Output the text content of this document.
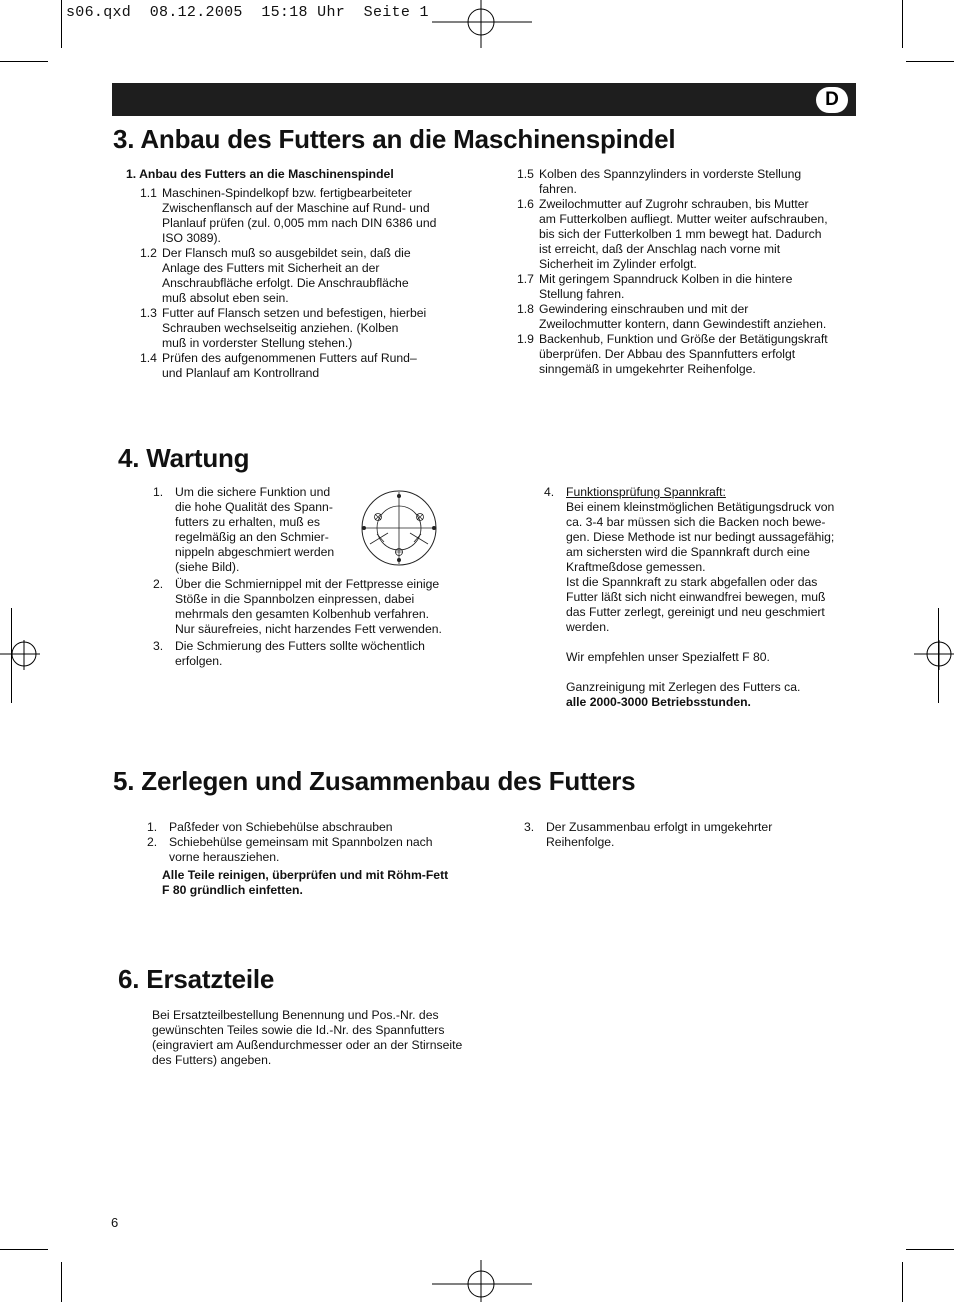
s06.qxd  08.12.2005  15:18 Uhr  Seite 1
D
3. Anbau des Futters an die Maschinenspindel
1. Anbau des Futters an die Maschinenspindel
1.1 Maschinen-Spindelkopf bzw. fertigbearbeiteter
Zwischenflansch auf der Maschine auf Rund- und
Planlauf prüfen (zul. 0,005 mm nach DIN 6386 und
ISO 3089).
1.2 Der Flansch muß so ausgebildet sein, daß die
Anlage des Futters mit Sicherheit an der
Anschraubfläche erfolgt. Die Anschraubfläche
muß absolut eben sein.
1.3 Futter auf Flansch setzen und befestigen, hierbei
Schrauben wechselseitig anziehen. (Kolben
muß in vorderster Stellung stehen.)
1.4 Prüfen des aufgenommenen Futters auf Rund–
und Planlauf am Kontrollrand
1.5 Kolben des Spannzylinders in vorderste Stellung
fahren.
1.6 Zweilochmutter auf Zugrohr schrauben, bis Mutter
am Futterkolben aufliegt. Mutter weiter aufschrauben,
bis sich der Futterkolben 1 mm bewegt hat. Dadurch
ist erreicht, daß der Anschlag nach vorne mit
Sicherheit im Zylinder erfolgt.
1.7 Mit geringem Spanndruck Kolben in die hintere
Stellung fahren.
1.8 Gewindering einschrauben und mit der
Zweilochmutter kontern, dann Gewindestift anziehen.
1.9 Backenhub, Funktion und Größe der Betätigungskraft
überprüfen. Der Abbau des Spannfutters erfolgt
sinngemäß in umgekehrter Reihenfolge.
4. Wartung
1. Um die sichere Funktion und
die hohe Qualität des Spann-
futters zu erhalten, muß es
regelmäßig an den Schmier-
nippeln abgeschmiert werden
(siehe Bild).
2. Über die Schmiernippel mit der Fettpresse einige
Stöße in die Spannbolzen einpressen, dabei
mehrmals den gesamten Kolbenhub verfahren.
Nur säurefreies, nicht harzendes Fett verwenden.
3. Die Schmierung des Futters sollte wöchentlich
erfolgen.
4. Funktionsprüfung Spannkraft:
Bei einem kleinstmöglichen Betätigungsdruck von
ca. 3-4 bar müssen sich die Backen noch bewe-
gen. Diese Methode ist nur bedingt aussagefähig;
am sichersten wird die Spannkraft durch eine
Kraftmeßdose gemessen.
Ist die Spannkraft zu stark abgefallen oder das
Futter läßt sich nicht einwandfrei bewegen, muß
das Futter zerlegt, gereinigt und neu geschmiert
werden.
Wir empfehlen unser Spezialfett F 80.
Ganzreinigung mit Zerlegen des Futters ca.
alle 2000-3000 Betriebsstunden.
5. Zerlegen und Zusammenbau des Futters
1. Paßfeder von Schiebehülse abschrauben
2. Schiebehülse gemeinsam mit Spannbolzen nach
vorne herausziehen.
Alle Teile reinigen, überprüfen und mit Röhm-Fett
F 80 gründlich einfetten.
3. Der Zusammenbau erfolgt in umgekehrter
Reihenfolge.
6. Ersatzteile
Bei Ersatzteilbestellung Benennung und Pos.-Nr. des
gewünschten Teiles sowie die Id.-Nr. des Spannfutters
(eingraviert am Außendurchmesser oder an der Stirnseite
des Futters) angeben.
6
